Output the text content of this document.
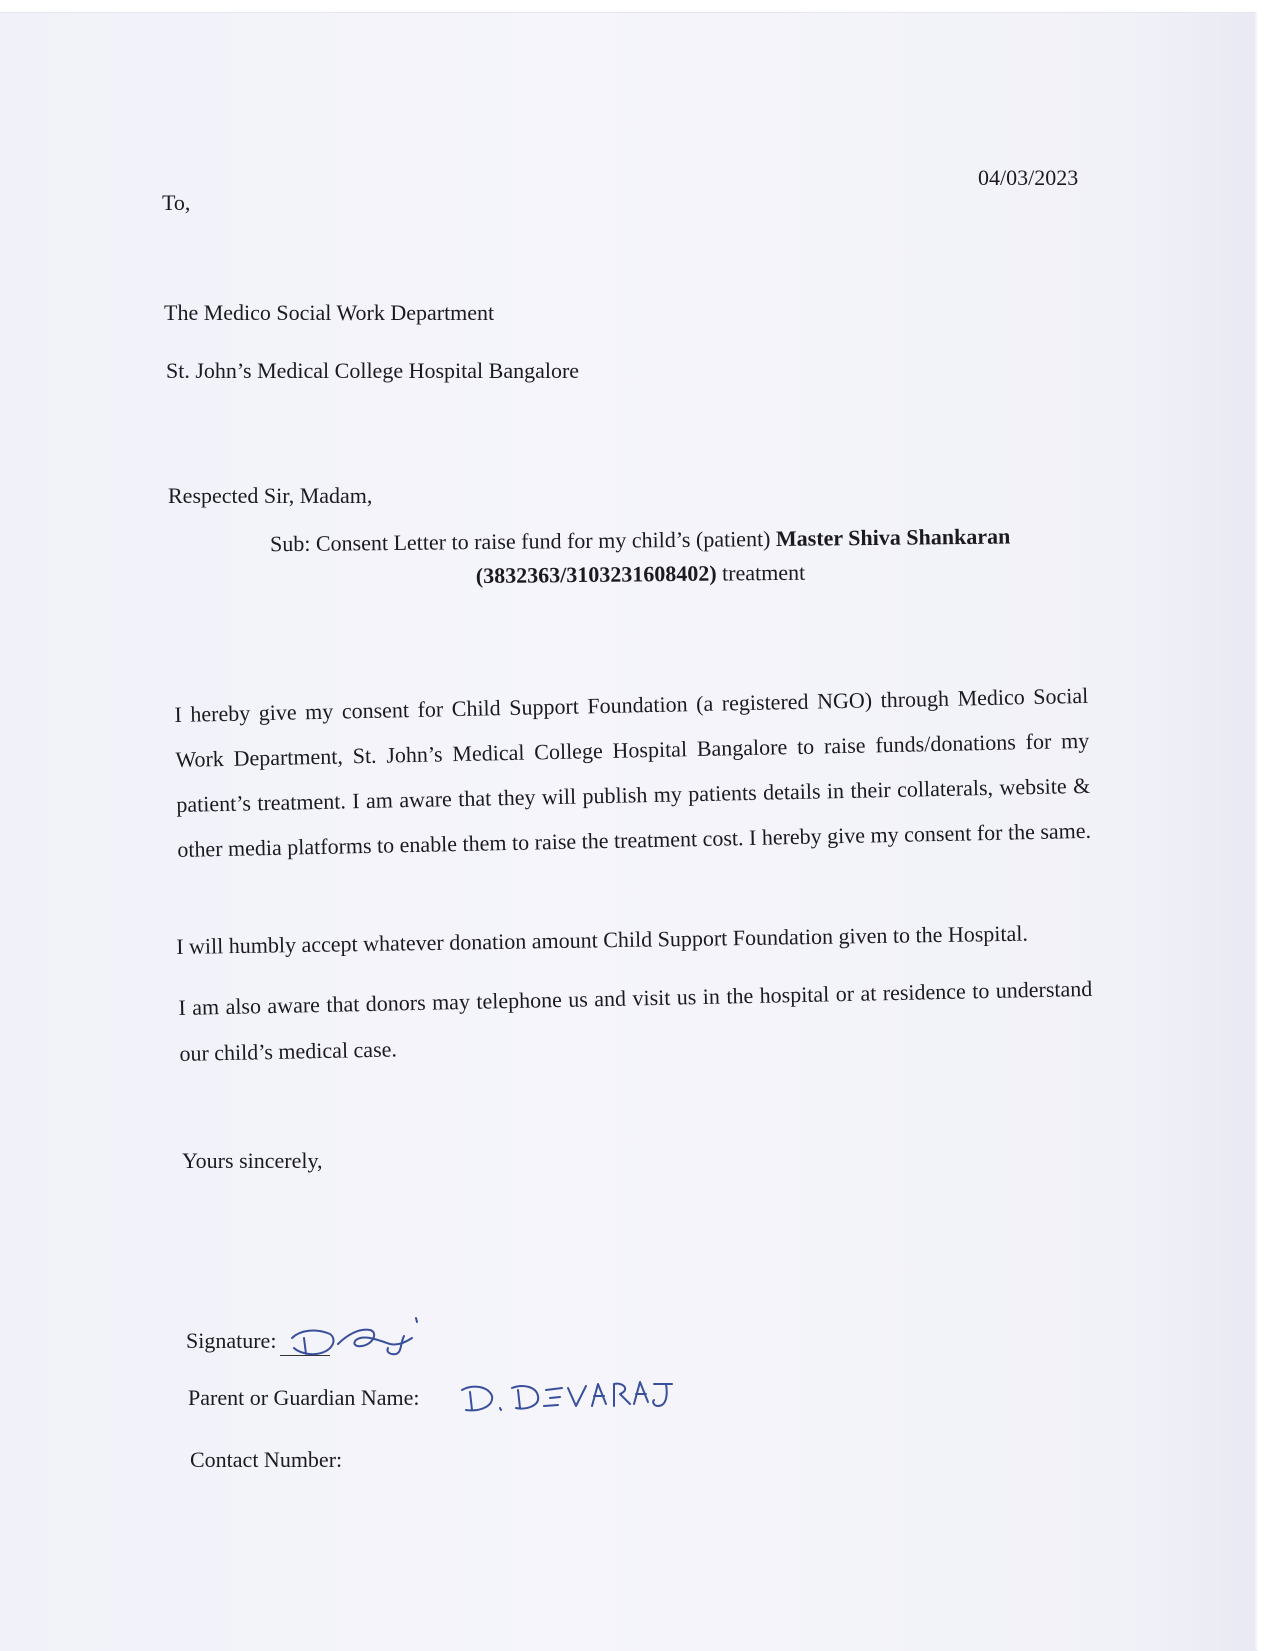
04/03/2023

To,

The Medico Social Work Department

St. John’s Medical College Hospital Bangalore

Respected Sir, Madam,

Sub: Consent Letter to raise fund for my child’s (patient) Master Shiva Shankaran
(3832363/3103231608402) treatment

I hereby give my consent for Child Support Foundation (a registered NGO) through Medico Social Work Department, St. John’s Medical College Hospital Bangalore to raise funds/donations for my patient’s treatment. I am aware that they will publish my patients details in their collaterals, website & other media platforms to enable them to raise the treatment cost. I hereby give my consent for the same.

I will humbly accept whatever donation amount Child Support Foundation given to the Hospital.

I am also aware that donors may telephone us and visit us in the hospital or at residence to understand our child’s medical case.

Yours sincerely,

Signature:

Parent or Guardian Name:

Contact Number:
